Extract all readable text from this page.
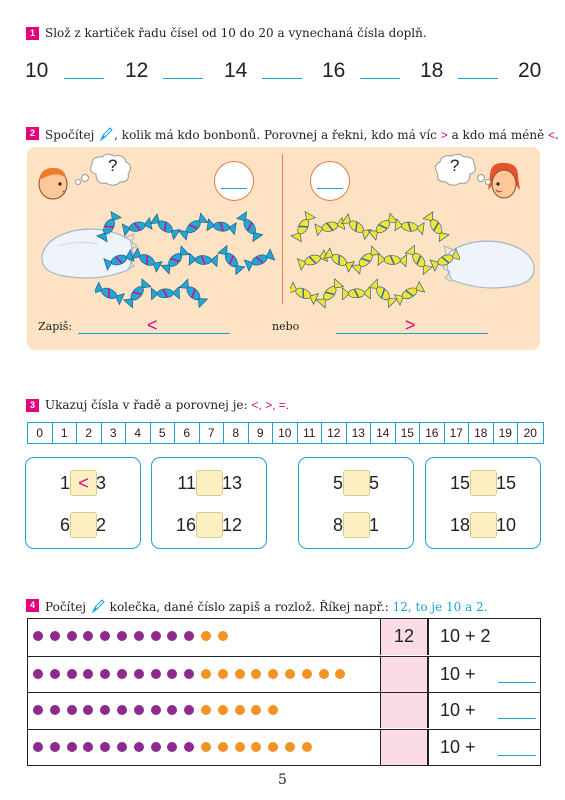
1 Slož z kartiček řadu čísel od 10 do 20 a vynechaná čísla doplň.
10	12	14	16	18	20
2 Spočítej , kolik má kdo bonbonů. Porovnej a řekni, kdo má víc > a kdo má méně <.
?	?
Zapiš:	<	nebo	>
3 Ukazuj čísla v řadě a porovnej je: <, >, =.
0	1	2	3	4	5	6	7	8	9	10 11 12 13 14 15 16 17 18 19 20
1 < 3
6 2
11 13
16 12
5 5
8 1
15 15
18 10
4 Počítej kolečka, dané číslo zapiš a rozlož. Říkej např.: 12, to je 10 a 2.
12	10 + 2
10 +
10 +
10 +
5
